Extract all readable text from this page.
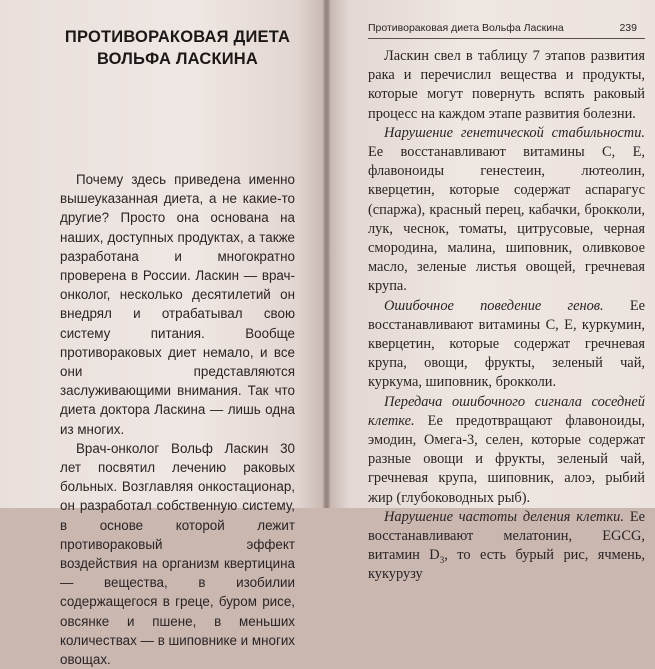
ПРОТИВОРАКОВАЯ ДИЕТА
ВОЛЬФА ЛАСКИНА

Почему здесь приведена именно вышеуказанная диета, а не какие-то другие? Просто она основана на наших, доступных продуктах, а также разработана и многократно проверена в России. Ласкин — врач-онколог, несколько десятилетий он внедрял и отрабатывал свою систему питания. Вообще противораковых диет немало, и все они представляются заслуживающими внимания. Так что диета доктора Ласкина — лишь одна из многих.

Врач-онколог Вольф Ласкин 30 лет посвятил лечению раковых больных. Возглавляя онкостационар, он разработал собственную систему, в основе которой лежит противораковый эффект воздействия на организм квертицина — вещества, в изобилии содержащегося в греце, буром рисе, овсянке и пшене, в меньших количествах — в шиповнике и многих овощах.

Противораковая диета Вольфа Ласкина	239

Ласкин свел в таблицу 7 этапов развития рака и перечислил вещества и продукты, которые могут повернуть вспять раковый процесс на каждом этапе развития болезни.

Нарушение генетической стабильности. Ее восстанавливают витамины С, Е, флавоноиды генестеин, лютеолин, кверцетин, которые содержат аспарагус (спаржа), красный перец, кабачки, брокколи, лук, чеснок, томаты, цитрусовые, черная смородина, малина, шиповник, оливковое масло, зеленые листья овощей, гречневая крупа.

Ошибочное поведение генов. Ее восстанавливают витамины С, Е, куркумин, кверцетин, которые содержат гречневая крупа, овощи, фрукты, зеленый чай, куркума, шиповник, брокколи.

Передача ошибочного сигнала соседней клетке. Ее предотвращают флавоноиды, эмодин, Омега-3, селен, которые содержат разные овощи и фрукты, зеленый чай, гречневая крупа, шиповник, алоэ, рыбий жир (глубоководных рыб).

Нарушение частоты деления клетки. Ее восстанавливают мелатонин, EGCG, витамин $D_3$, то есть бурый рис, ячмень, кукурузу
